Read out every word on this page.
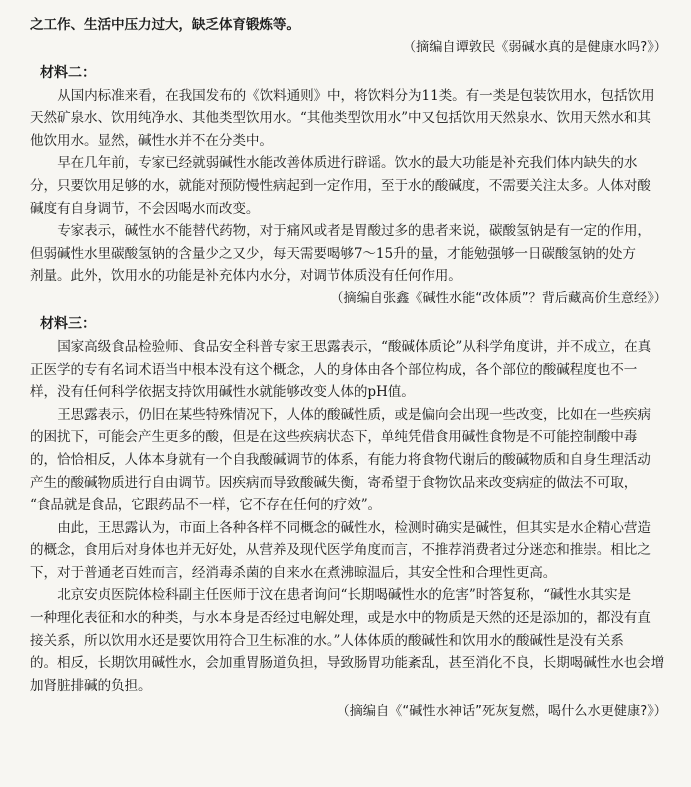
之工作、生活中压力过大，缺乏体育锻炼等。
（摘编自谭敦民《弱碱水真的是健康水吗?》）
材料二：
从国内标准来看，在我国发布的《饮料通则》中，将饮料分为11类。有一类是包装饮用水，包括饮用
天然矿泉水、饮用纯净水、其他类型饮用水。“其他类型饮用水”中又包括饮用天然泉水、饮用天然水和其
他饮用水。显然，碱性水并不在分类中。
早在几年前，专家已经就弱碱性水能改善体质进行辟谣。饮水的最大功能是补充我们体内缺失的水
分，只要饮用足够的水，就能对预防慢性病起到一定作用，至于水的酸碱度，不需要关注太多。人体对酸
碱度有自身调节，不会因喝水而改变。
专家表示，碱性水不能替代药物，对于痛风或者是胃酸过多的患者来说，碳酸氢钠是有一定的作用，
但弱碱性水里碳酸氢钠的含量少之又少，每天需要喝够7～15升的量，才能勉强够一日碳酸氢钠的处方
剂量。此外，饮用水的功能是补充体内水分，对调节体质没有任何作用。
（摘编自张鑫《碱性水能“改体质”？背后藏高价生意经》）
材料三：
国家高级食品检验师、食品安全科普专家王思露表示，“酸碱体质论”从科学角度讲，并不成立，在真
正医学的专有名词术语当中根本没有这个概念，人的身体由各个部位构成，各个部位的酸碱程度也不一
样，没有任何科学依据支持饮用碱性水就能够改变人体的pH值。
王思露表示，仍旧在某些特殊情况下，人体的酸碱性质，或是偏向会出现一些改变，比如在一些疾病
的困扰下，可能会产生更多的酸，但是在这些疾病状态下，单纯凭借食用碱性食物是不可能控制酸中毒
的，恰恰相反，人体本身就有一个自我酸碱调节的体系，有能力将食物代谢后的酸碱物质和自身生理活动
产生的酸碱物质进行自由调节。因疾病而导致酸碱失衡，寄希望于食物饮品来改变病症的做法不可取，
“食品就是食品，它跟药品不一样，它不存在任何的疗效”。
由此，王思露认为，市面上各种各样不同概念的碱性水，检测时确实是碱性，但其实是水企精心营造
的概念，食用后对身体也并无好处，从营养及现代医学角度而言，不推荐消费者过分迷恋和推崇。相比之
下，对于普通老百姓而言，经消毒杀菌的自来水在煮沸晾温后，其安全性和合理性更高。
北京安贞医院体检科副主任医师于汶在患者询问“长期喝碱性水的危害”时答复称，“碱性水其实是
一种理化表征和水的种类，与水本身是否经过电解处理，或是水中的物质是天然的还是添加的，都没有直
接关系，所以饮用水还是要饮用符合卫生标准的水。”人体体质的酸碱性和饮用水的酸碱性是没有关系
的。相反，长期饮用碱性水，会加重胃肠道负担，导致肠胃功能紊乱，甚至消化不良，长期喝碱性水也会增
加肾脏排碱的负担。
（摘编自《“碱性水神话”死灰复燃，喝什么水更健康?》）
